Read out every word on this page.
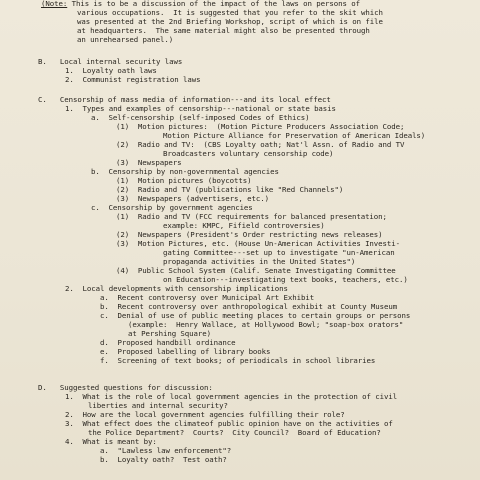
(Note: This is to be a discussion of the impact of the laws on persons of
various occupations.  It is suggested that you refer to the skit which
was presented at the 2nd Briefing Workshop, script of which is on file
at headquarters.  The same material might also be presented through
an unrehearsed panel.)
B.   Local internal security laws
1.  Loyalty oath laws
2.  Communist registration laws
C.   Censorship of mass media of information---and its local effect
1.  Types and examples of censorship---national or state basis
a.  Self-censorship (self-imposed Codes of Ethics)
(1)  Motion pictures:  (Motion Picture Producers Association Code;
Motion Picture Alliance for Preservation of American Ideals)
(2)  Radio and TV:  (CBS Loyalty oath; Nat'l Assn. of Radio and TV
Broadcasters voluntary censorship code)
(3)  Newspapers
b.  Censorship by non-governmental agencies
(1)  Motion pictures (boycotts)
(2)  Radio and TV (publications like "Red Channels")
(3)  Newspapers (advertisers, etc.)
c.  Censorship by government agencies
(1)  Radio and TV (FCC requirements for balanced presentation;
example: KMPC, Fifield controversies)
(2)  Newspapers (President's Order restricting news releases)
(3)  Motion Pictures, etc. (House Un-American Activities Investi-
gating Committee---set up to investigate "un-American
propaganda activities in the United States")
(4)  Public School System (Calif. Senate Investigating Committee
on Education---investigating text books, teachers, etc.)
2.  Local developments with censorship implications
a.  Recent controversy over Municipal Art Exhibit
b.  Recent controversy over anthropological exhibit at County Museum
c.  Denial of use of public meeting places to certain groups or persons
(example:  Henry Wallace, at Hollywood Bowl; "soap-box orators"
at Pershing Square)
d.  Proposed handbill ordinance
e.  Proposed labelling of library books
f.  Screening of text books; of periodicals in school libraries
D.   Suggested questions for discussion:
1.  What is the role of local government agencies in the protection of civil
liberties and internal security?
2.  How are the local government agencies fulfilling their role?
3.  What effect does the climateof public opinion have on the activities of
the Police Department?  Courts?  City Council?  Board of Education?
4.  What is meant by:
a.  "Lawless law enforcement"?
b.  Loyalty oath?  Test oath?
